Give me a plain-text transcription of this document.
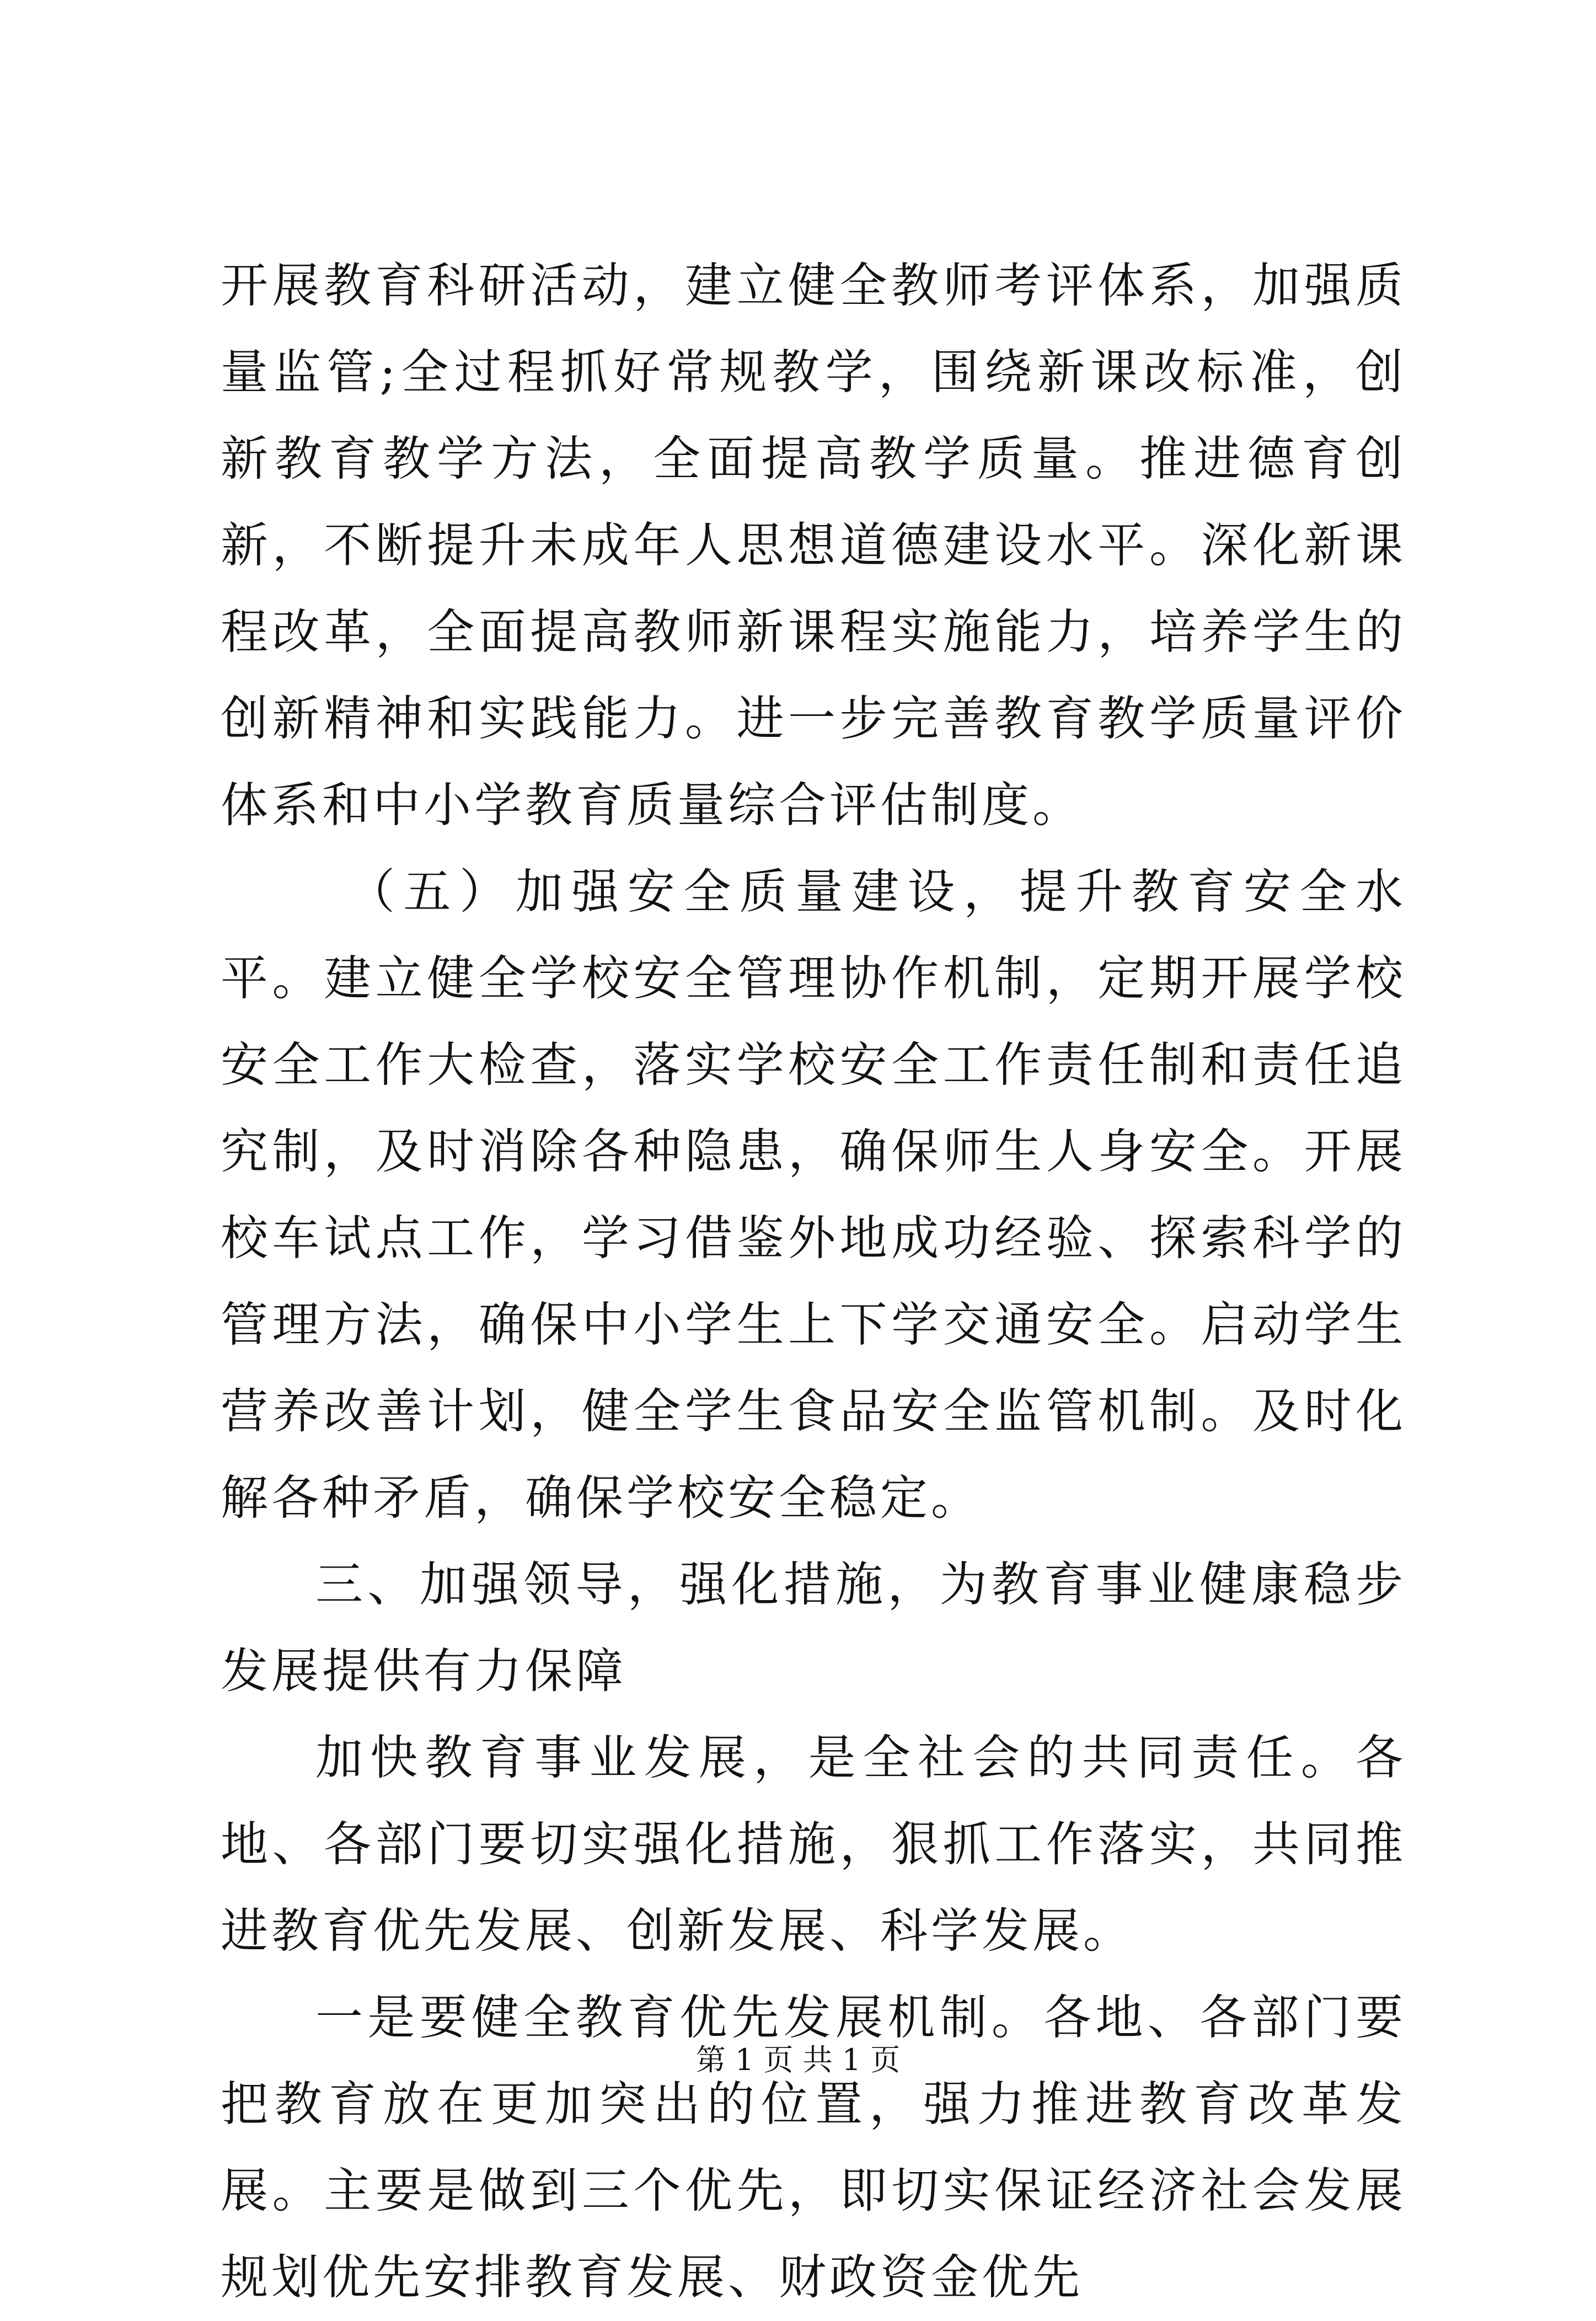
开展教育科研活动，建立健全教师考评体系，加强质量监管;全过程抓好常规教学，围绕新课改标准，创新教育教学方法，全面提高教学质量。推进德育创新，不断提升未成年人思想道德建设水平。深化新课程改革，全面提高教师新课程实施能力，培养学生的创新精神和实践能力。进一步完善教育教学质量评价体系和中小学教育质量综合评估制度。

（五）加强安全质量建设，提升教育安全水平。建立健全学校安全管理协作机制，定期开展学校安全工作大检查，落实学校安全工作责任制和责任追究制，及时消除各种隐患，确保师生人身安全。开展校车试点工作，学习借鉴外地成功经验、探索科学的管理方法，确保中小学生上下学交通安全。启动学生营养改善计划，健全学生食品安全监管机制。及时化解各种矛盾，确保学校安全稳定。

三、加强领导，强化措施，为教育事业健康稳步发展提供有力保障

加快教育事业发展，是全社会的共同责任。各地、各部门要切实强化措施，狠抓工作落实，共同推进教育优先发展、创新发展、科学发展。

一是要健全教育优先发展机制。各地、各部门要把教育放在更加突出的位置，强力推进教育改革发展。主要是做到三个优先，即切实保证经济社会发展规划优先安排教育发展、财政资金优先

第 1 页 共 1 页
